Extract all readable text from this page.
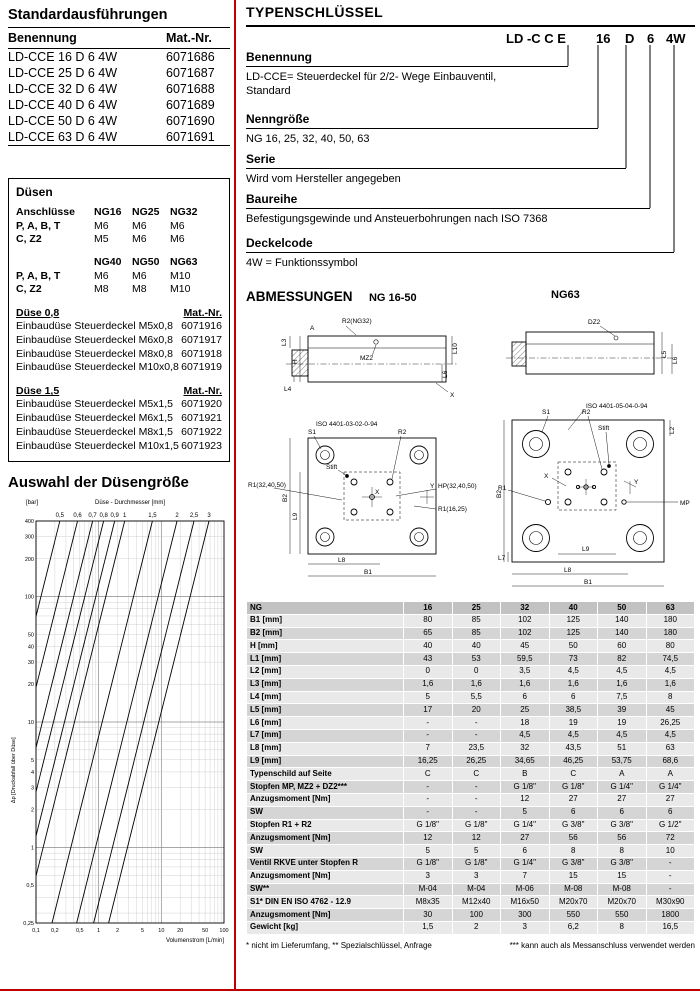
Standardausführungen
Benennung	Mat.-Nr.
LD-CCE 16 D 6 4W	6071686
LD-CCE 25 D 6 4W	6071687
LD-CCE 32 D 6 4W	6071688
LD-CCE 40 D 6 4W	6071689
LD-CCE 50 D 6 4W	6071690
LD-CCE 63 D 6 4W	6071691
Düsen
Anschlüsse	NG16	NG25	NG32
P, A, B, T	M6	M6	M6
C, Z2	M5	M6	M6
NG40	NG50	NG63
P, A, B, T	M6	M6	M10
C, Z2	M8	M8	M10
Düse 0,8	Mat.-Nr.
Einbaudüse Steuerdeckel M5x0,8 6071916
Einbaudüse Steuerdeckel M6x0,8 6071917
Einbaudüse Steuerdeckel M8x0,8 6071918
Einbaudüse Steuerdeckel M10x0,8 6071919
Düse 1,5	Mat.-Nr.
Einbaudüse Steuerdeckel M5x1,5 6071920
Einbaudüse Steuerdeckel M6x1,5 6071921
Einbaudüse Steuerdeckel M8x1,5 6071922
Einbaudüse Steuerdeckel M10x1,5 6071923
Auswahl der Düsengröße
0,5 0,6 0,7 0,8 0,9 1	1,5	2 2,5 3
400
300
200
100
50
40
30
20
10
5
4
3
2
1
0,5
0,25
0,1 0,2	0,5 1	2	5	10 20	50 100
[bar]	Düse - Durchmesser [mm]
Volumenstrom [L/min]
Δp [Druckabfall über Düse]
TYPENSCHLÜSSEL
LD -C C E 16 D 6 4W
Benennung
LD-CCE= Steuerdeckel für 2/2- Wege Einbauventil,
Standard
Nenngröße
NG 16, 25, 32, 40, 50, 63
Serie
Wird vom Hersteller angegeben
Baureihe
Befestigungsgewinde und Ansteuerbohrungen nach ISO 7368
Deckelcode
4W = Funktionssymbol
ABMESSUNGEN NG 16-50	NG63
A
R2(NG32)
L3
H
L10
L6
L4
MZ2
X
ISO 4401-03-02-0-94
S1	R2
Stift
R1(32,40,50)	HP(32,40,50)
R1(16,25)
B2
L9
X
Y
L8
B1
DZ2
L5
L6
ISO 4401-05-04-0-94
S1	R2
Stift	L2
X
R1
MP
Y
B2
L9
L7
L8
B1
NG	16	25	32	40	50	63
B1 [mm]	80	85	102	125	140	180
B2 [mm]	65	85	102	125	140	180
H [mm]	40	40	45	50	60	80
L1 [mm]	43	53	59,5	73	82	74,5
L2 [mm]	0	0	3,5	4,5	4,5	4,5
L3 [mm]	1,6	1,6	1,6	1,6	1,6	1,6
L4 [mm]	5	5,5	6	6	7,5	8
L5 [mm]	17	20	25	38,5	39	45
L6 [mm]	-	-	18	19	19	26,25
L7 [mm]	-	-	4,5	4,5	4,5	4,5
L8 [mm]	7	23,5	32	43,5	51	63
L9 [mm]	16,25	26,25	34,65	46,25	53,75	68,6
Typenschild auf Seite	C	C	B	C	A	A
Stopfen MP, MZ2 + DZ2***	-	-	G 1/8"	G 1/8"	G 1/4"	G 1/4"
Anzugsmoment [Nm]	-	-	12	27	27	27
SW	-	-	5	6	6	6
Stopfen R1 + R2	G 1/8"	G 1/8"	G 1/4"	G 3/8"	G 3/8"	G 1/2"
Anzugsmoment [Nm]	12	12	27	56	56	72
SW	5	5	6	8	8	10
Ventil RKVE unter Stopfen R	G 1/8"	G 1/8"	G 1/4"	G 3/8"	G 3/8"	-
Anzugsmoment [Nm]	3	3	7	15	15	-
SW**	M-04	M-04	M-06	M-08	M-08	-
S1* DIN EN ISO 4762 - 12.9	M8x35	M12x40	M16x50	M20x70	M20x70	M30x90
Anzugsmoment [Nm]	30	100	300	550	550	1800
Gewicht [kg]	1,5	2	3	6,2	8	16,5
* nicht im Lieferumfang, ** Spezialschlüssel, Anfrage	*** kann auch als Messanschluss verwendet werden
